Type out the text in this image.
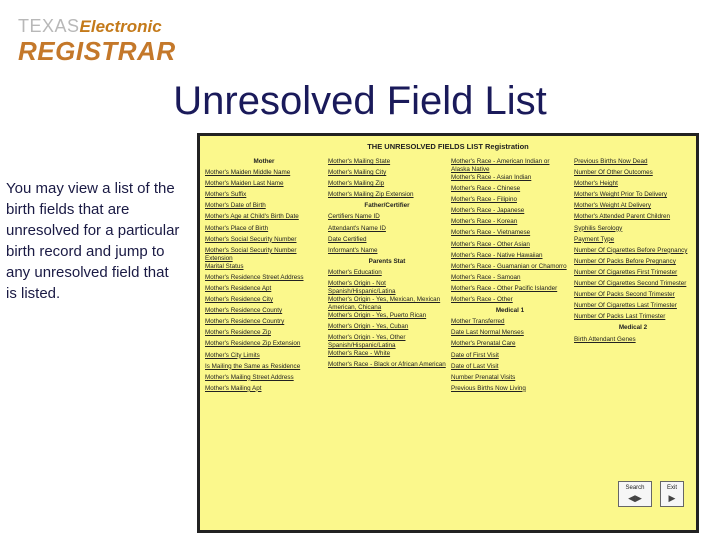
TEXASElectronic
REGISTRAR
Unresolved Field List

You may view a list of the birth fields that are unresolved for a particular birth record and jump to any unresolved field that is listed.

THE UNRESOLVED FIELDS LIST Registration
Mother
Mother's Maiden Middle Name
Mother's Maiden Last Name
Mother's Suffix
Mother's Date of Birth
Mother's Age at Child's Birth Date
Mother's Place of Birth
Mother's Social Security Number
Mother's Social Security Number Extension
Marital Status
Mother's Residence Street Address
Mother's Residence Apt
Mother's Residence City
Mother's Residence County
Mother's Residence Country
Mother's Residence Zip
Mother's Residence Zip Extension
Mother's City Limits
Is Mailing the Same as Residence
Mother's Mailing Street Address
Mother's Mailing Apt
Mother's Mailing State
Mother's Mailing City
Mother's Mailing Zip
Mother's Mailing Zip Extension
Father/Certifier
Certifiers Name ID
Attendant's Name ID
Date Certified
Informant's Name
Parents Stat
Mother's Education
Mother's Origin - Not Spanish/Hispanic/Latina
Mother's Origin - Yes, Mexican, Mexican American, Chicana
Mother's Origin - Yes, Puerto Rican
Mother's Origin - Yes, Cuban
Mother's Origin - Yes, Other Spanish/Hispanic/Latina
Mother's Race - White
Mother's Race - Black or African American
Mother's Race - American Indian or Alaska Native
Mother's Race - Asian Indian
Mother's Race - Chinese
Mother's Race - Filipino
Mother's Race - Japanese
Mother's Race - Korean
Mother's Race - Vietnamese
Mother's Race - Other Asian
Mother's Race - Native Hawaiian
Mother's Race - Guamanian or Chamorro
Mother's Race - Samoan
Mother's Race - Other Pacific Islander
Mother's Race - Other
Medical 1
Mother Transferred
Date Last Normal Menses
Mother's Prenatal Care
Date of First Visit
Date of Last Visit
Number Prenatal Visits
Previous Births Now Living
Previous Births Now Dead
Number Of Other Outcomes
Mother's Height
Mother's Weight Prior To Delivery
Mother's Weight At Delivery
Mother's Attended Parent Children
Syphilis Serology
Payment Type
Number Of Cigarettes Before Pregnancy
Number Of Packs Before Pregnancy
Number Of Cigarettes First Trimester
Number Of Cigarettes Second Trimester
Number Of Packs Second Trimester
Number Of Cigarettes Last Trimester
Number Of Packs Last Trimester
Medical 2
Birth Attendant Genes
Search
◀▶
Exit
▶
